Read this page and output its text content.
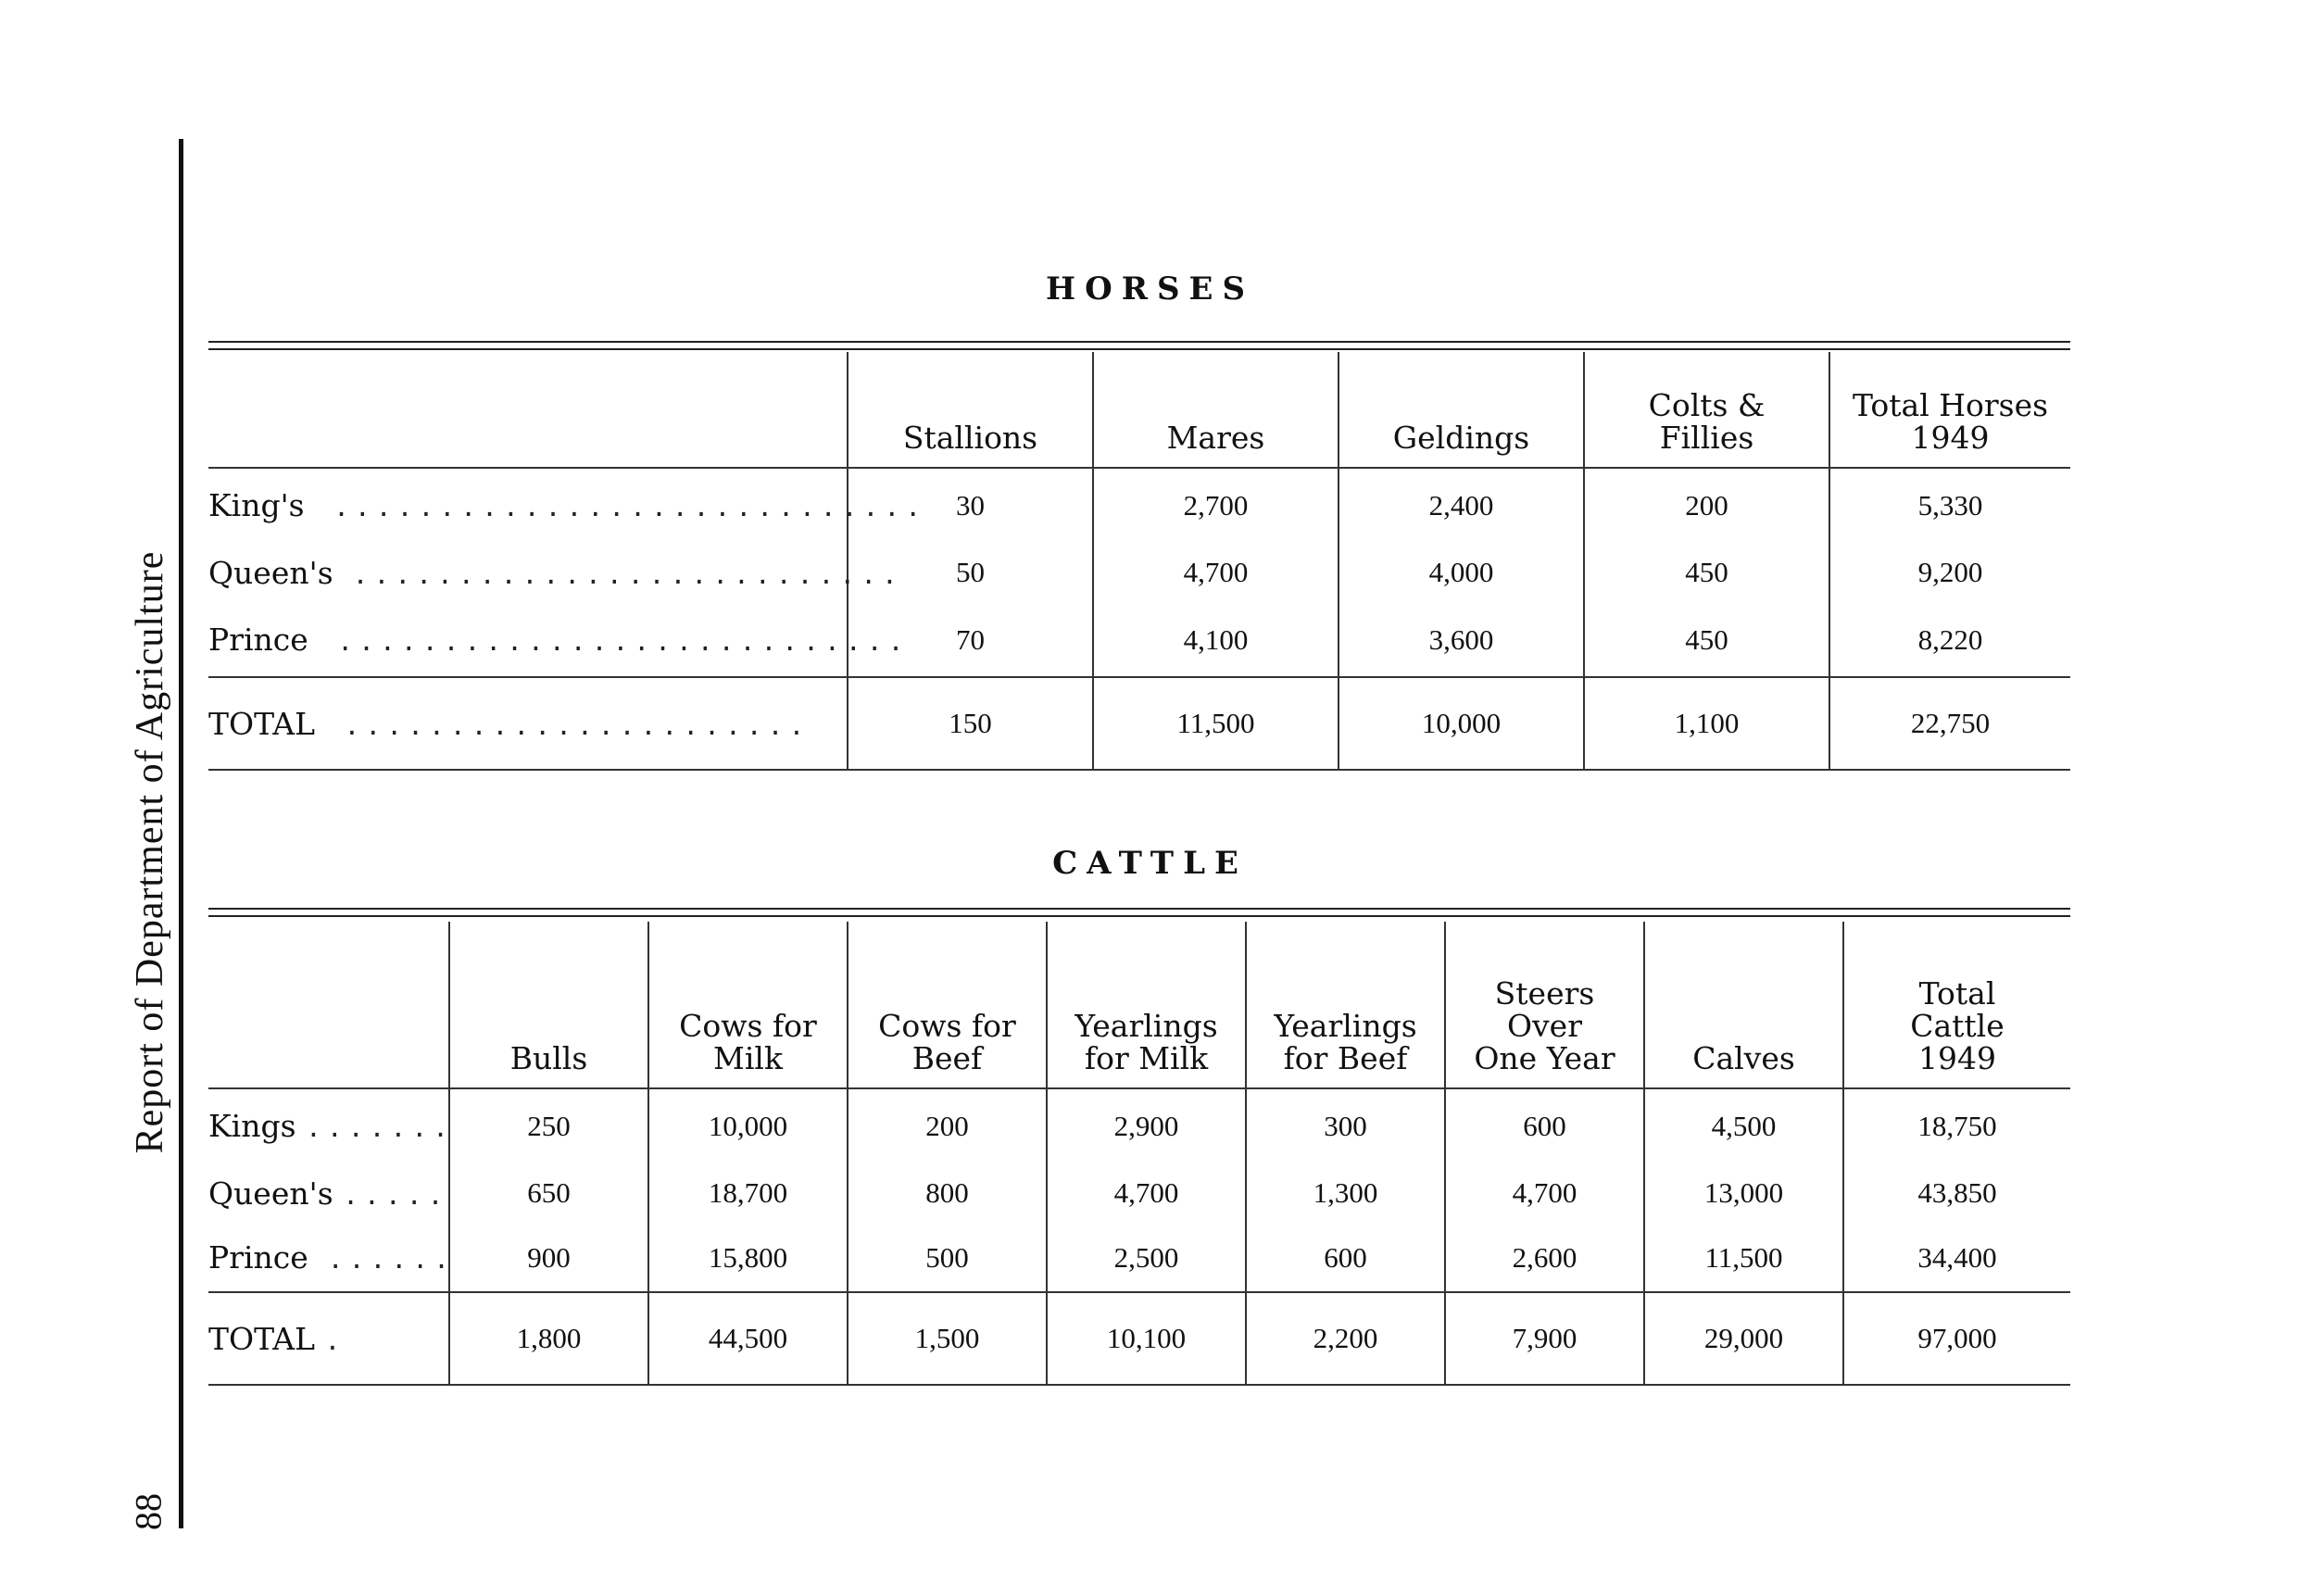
Report of Department of Agriculture
88
HORSES
	Stallions	Mares	Geldings	Colts & Fillies	Total Horses 1949
King's ............................	30	2,700	2,400	200	5,330
Queen's ..........................	50	4,700	4,000	450	9,200
Prince ...........................	70	4,100	3,600	450	8,220
TOTAL ......................	150	11,500	10,000	1,100	22,750
CATTLE
	Bulls	Cows for Milk	Cows for Beef	Yearlings for Milk	Yearlings for Beef	Steers Over One Year	Calves	Total Cattle 1949
Kings .......	250	10,000	200	2,900	300	600	4,500	18,750
Queen's .....	650	18,700	800	4,700	1,300	4,700	13,000	43,850
Prince ......	900	15,800	500	2,500	600	2,600	11,500	34,400
TOTAL .	1,800	44,500	1,500	10,100	2,200	7,900	29,000	97,000
